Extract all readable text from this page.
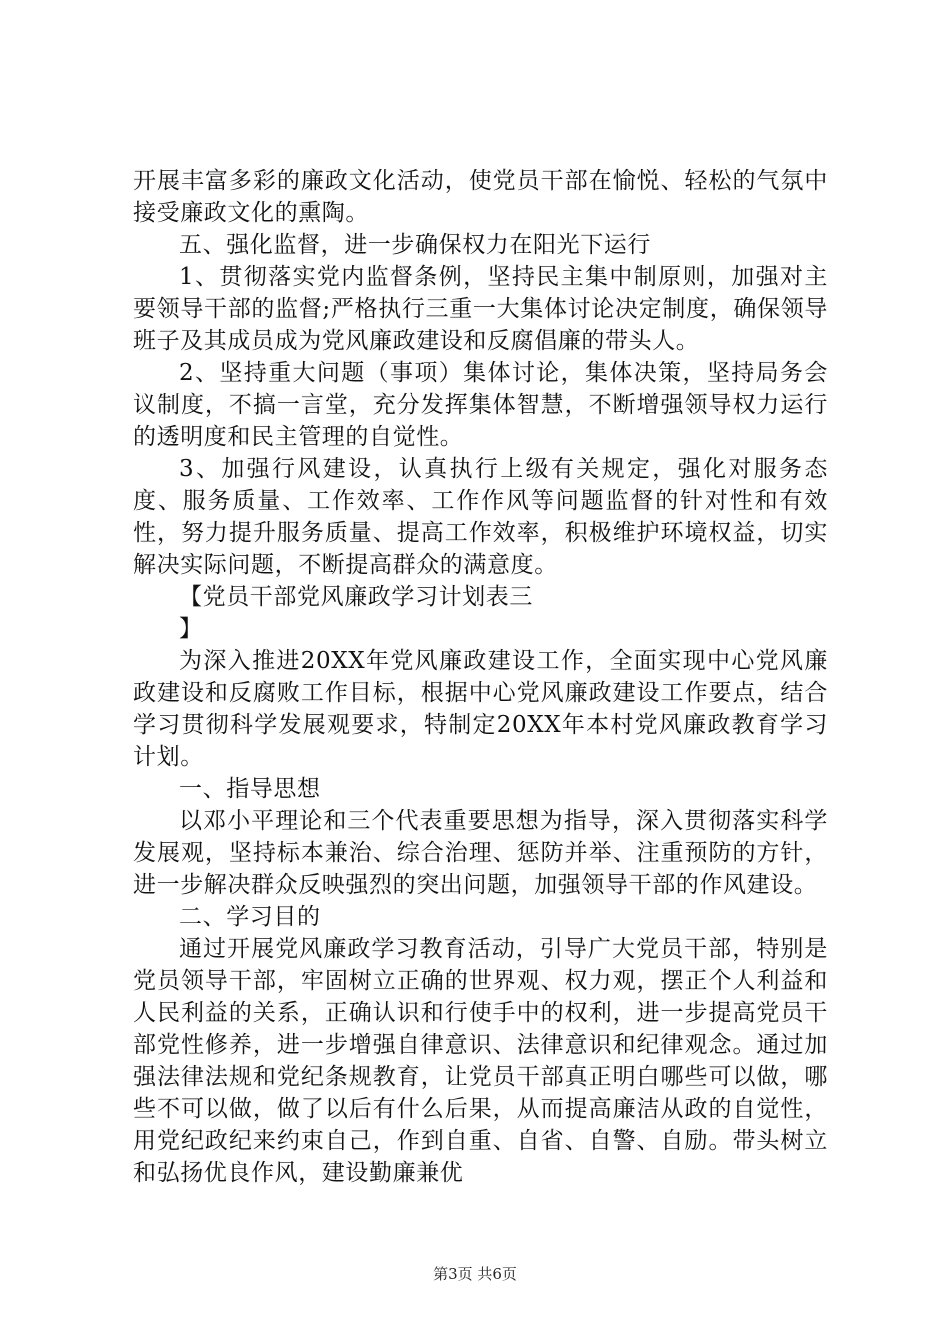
开展丰富多彩的廉政文化活动，使党员干部在愉悦、轻松的气氛中接受廉政文化的熏陶。

五、强化监督，进一步确保权力在阳光下运行

1、贯彻落实党内监督条例，坚持民主集中制原则，加强对主要领导干部的监督;严格执行三重一大集体讨论决定制度，确保领导班子及其成员成为党风廉政建设和反腐倡廉的带头人。

2、坚持重大问题（事项）集体讨论，集体决策，坚持局务会议制度，不搞一言堂，充分发挥集体智慧，不断增强领导权力运行的透明度和民主管理的自觉性。

3、加强行风建设，认真执行上级有关规定，强化对服务态度、服务质量、工作效率、工作作风等问题监督的针对性和有效性，努力提升服务质量、提高工作效率，积极维护环境权益，切实解决实际问题，不断提高群众的满意度。

【党员干部党风廉政学习计划表三

】

为深入推进20XX年党风廉政建设工作，全面实现中心党风廉政建设和反腐败工作目标，根据中心党风廉政建设工作要点，结合学习贯彻科学发展观要求，特制定20XX年本村党风廉政教育学习计划。

一、指导思想

以邓小平理论和三个代表重要思想为指导，深入贯彻落实科学发展观，坚持标本兼治、综合治理、惩防并举、注重预防的方针，进一步解决群众反映强烈的突出问题，加强领导干部的作风建设。

二、学习目的

通过开展党风廉政学习教育活动，引导广大党员干部，特别是党员领导干部，牢固树立正确的世界观、权力观，摆正个人利益和人民利益的关系，正确认识和行使手中的权利，进一步提高党员干部党性修养，进一步增强自律意识、法律意识和纪律观念。通过加强法律法规和党纪条规教育，让党员干部真正明白哪些可以做，哪些不可以做，做了以后有什么后果，从而提高廉洁从政的自觉性，用党纪政纪来约束自己，作到自重、自省、自警、自励。带头树立和弘扬优良作风，建设勤廉兼优

第3页 共6页
